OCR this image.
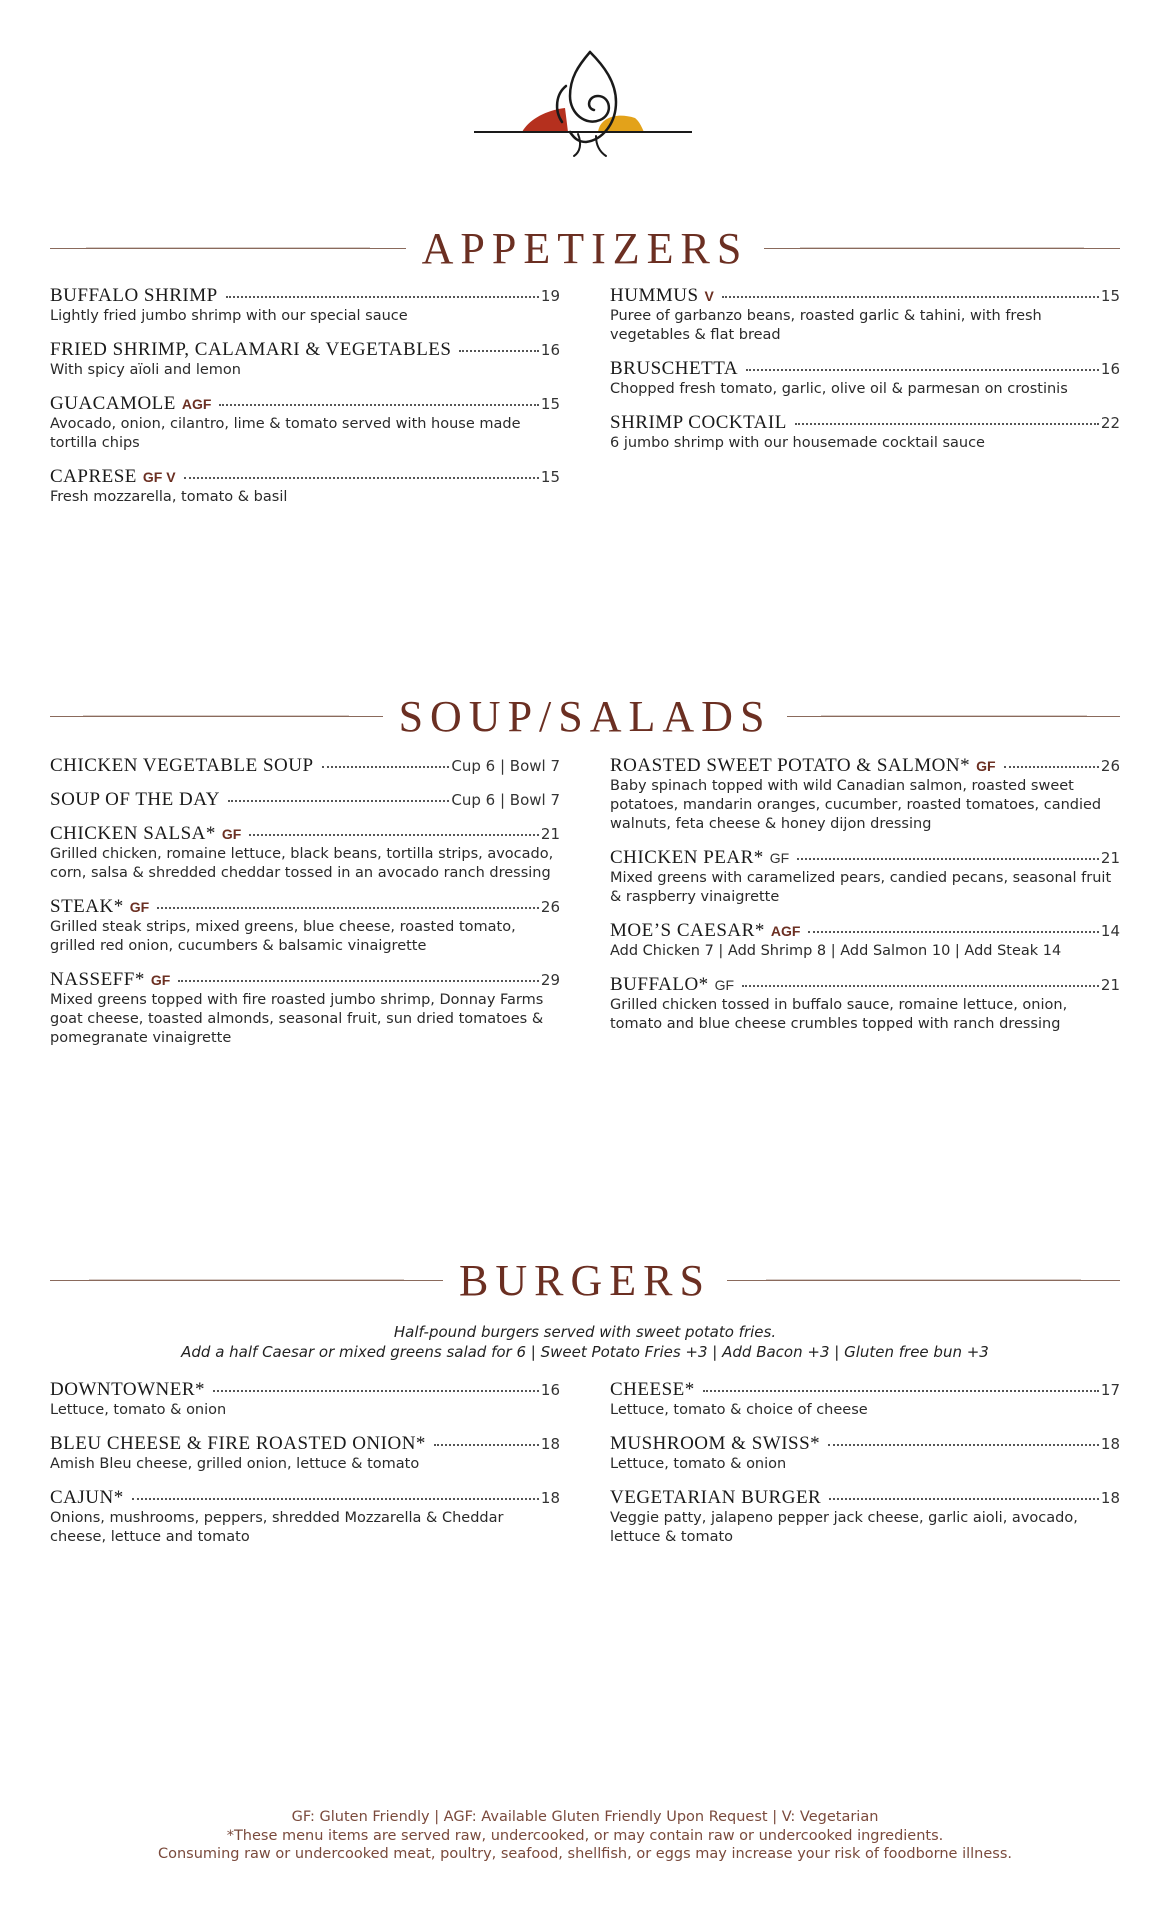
APPETIZERS
BUFFALO SHRIMP	19
Lightly fried jumbo shrimp with our special sauce
FRIED SHRIMP, CALAMARI & VEGETABLES	16
With spicy aïoli and lemon
GUACAMOLE AGF	15
Avocado, onion, cilantro, lime & tomato served with house made tortilla chips
CAPRESE GF V	15
Fresh mozzarella, tomato & basil
HUMMUS V	15
Puree of garbanzo beans, roasted garlic & tahini, with fresh vegetables & flat bread
BRUSCHETTA	16
Chopped fresh tomato, garlic, olive oil & parmesan on crostinis
SHRIMP COCKTAIL	22
6 jumbo shrimp with our housemade cocktail sauce
SOUP/SALADS
CHICKEN VEGETABLE SOUP	Cup 6 | Bowl 7
SOUP OF THE DAY	Cup 6 | Bowl 7
CHICKEN SALSA* GF	21
Grilled chicken, romaine lettuce, black beans, tortilla strips, avocado, corn, salsa & shredded cheddar tossed in an avocado ranch dressing
STEAK* GF	26
Grilled steak strips, mixed greens, blue cheese, roasted tomato, grilled red onion, cucumbers & balsamic vinaigrette
NASSEFF* GF	29
Mixed greens topped with fire roasted jumbo shrimp, Donnay Farms goat cheese, toasted almonds, seasonal fruit, sun dried tomatoes & pomegranate vinaigrette
ROASTED SWEET POTATO & SALMON* GF	26
Baby spinach topped with wild Canadian salmon, roasted sweet potatoes, mandarin oranges, cucumber, roasted tomatoes, candied walnuts, feta cheese & honey dijon dressing
CHICKEN PEAR* GF	21
Mixed greens with caramelized pears, candied pecans, seasonal fruit & raspberry vinaigrette
MOE’S CAESAR* AGF	14
Add Chicken 7 | Add Shrimp 8 | Add Salmon 10 | Add Steak 14
BUFFALO* GF	21
Grilled chicken tossed in buffalo sauce, romaine lettuce, onion, tomato and blue cheese crumbles topped with ranch dressing
BURGERS
Half-pound burgers served with sweet potato fries.
Add a half Caesar or mixed greens salad for 6 | Sweet Potato Fries +3 | Add Bacon +3 | Gluten free bun +3
DOWNTOWNER*	16
Lettuce, tomato & onion
BLEU CHEESE & FIRE ROASTED ONION*	18
Amish Bleu cheese, grilled onion, lettuce & tomato
CAJUN*	18
Onions, mushrooms, peppers, shredded Mozzarella & Cheddar cheese, lettuce and tomato
CHEESE*	17
Lettuce, tomato & choice of cheese
MUSHROOM & SWISS*	18
Lettuce, tomato & onion
VEGETARIAN BURGER	18
Veggie patty, jalapeno pepper jack cheese, garlic aioli, avocado, lettuce & tomato
GF: Gluten Friendly | AGF: Available Gluten Friendly Upon Request | V: Vegetarian
*These menu items are served raw, undercooked, or may contain raw or undercooked ingredients.
Consuming raw or undercooked meat, poultry, seafood, shellfish, or eggs may increase your risk of foodborne illness.
